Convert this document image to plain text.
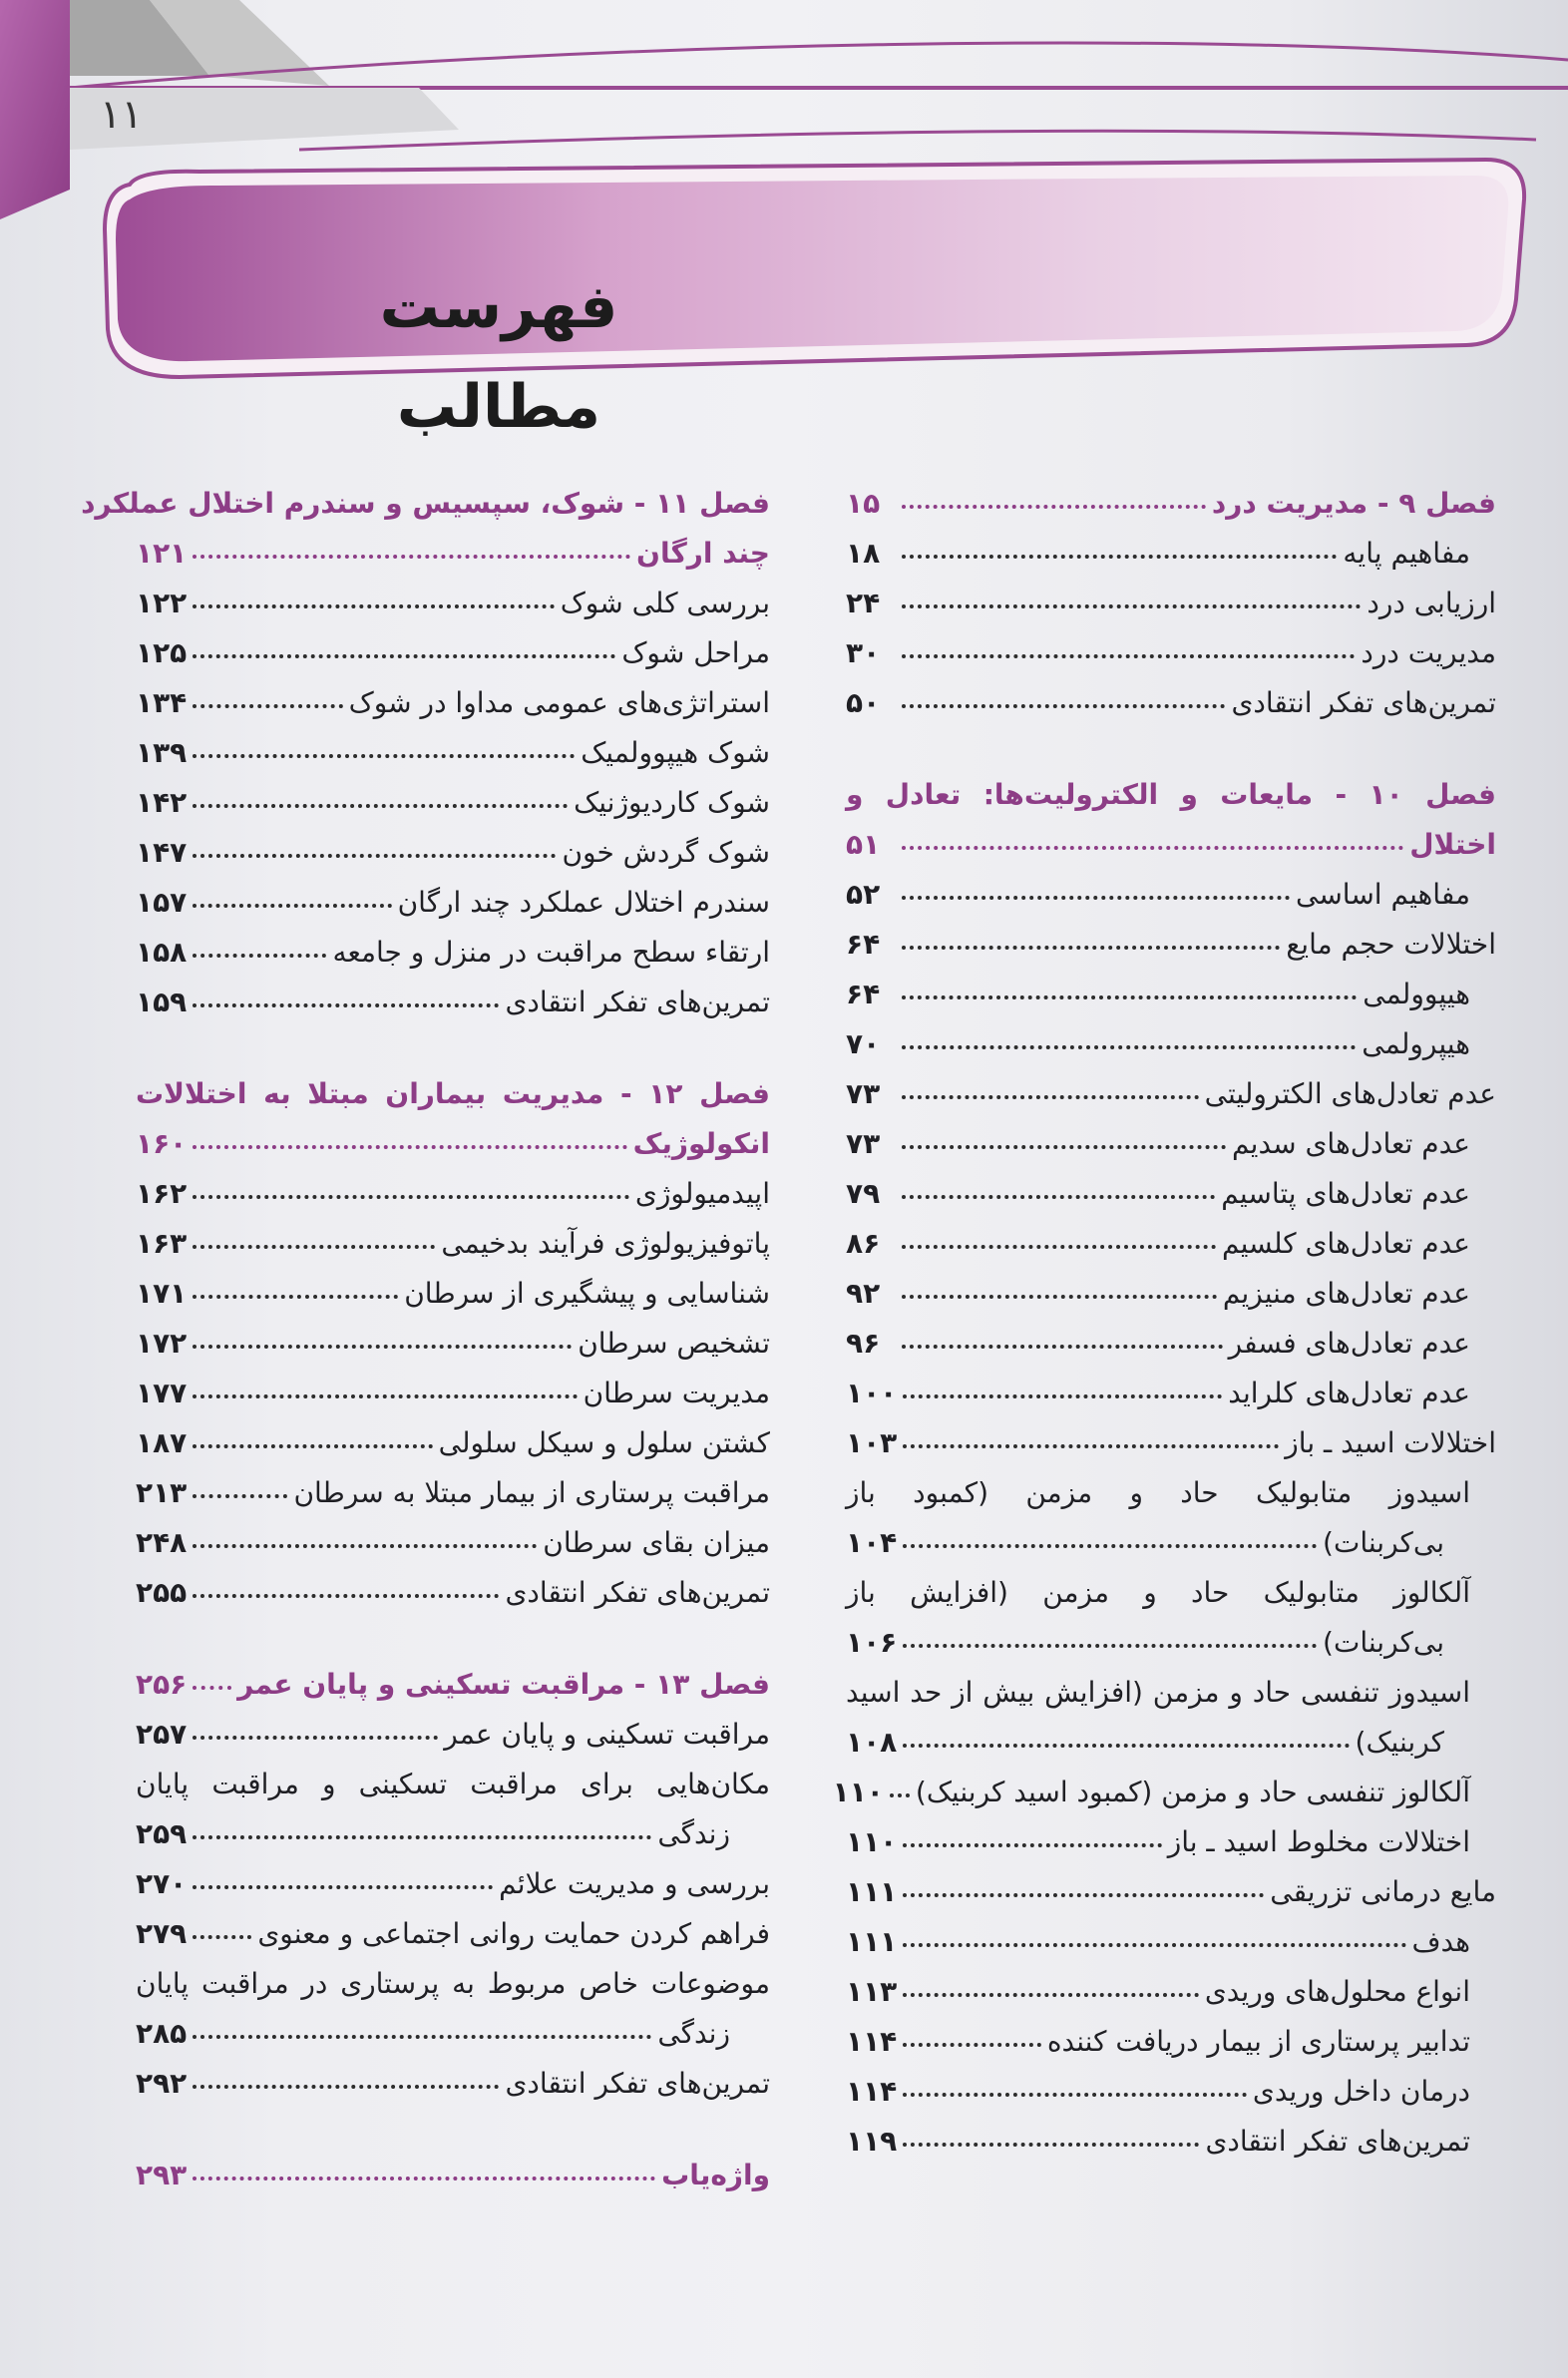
۱۱
فهرست مطالب
فصل ۹ - مدیریت درد
۱۵
مفاهیم پایه
۱۸
ارزیابی درد
۲۴
مدیریت درد
۳۰
تمرین‌های تفکر انتقادی
۵۰
فصل ۱۰ - مایعات و الکترولیت‌ها: تعادل و
اختلال
۵۱
مفاهیم اساسی
۵۲
اختلالات حجم مایع
۶۴
هیپوولمی
۶۴
هیپرولمی
۷۰
عدم تعادل‌های الکترولیتی
۷۳
عدم تعادل‌های سدیم
۷۳
عدم تعادل‌های پتاسیم
۷۹
عدم تعادل‌های کلسیم
۸۶
عدم تعادل‌های منیزیم
۹۲
عدم تعادل‌های فسفر
۹۶
عدم تعادل‌های کلراید
۱۰۰
اختلالات اسید ـ باز
۱۰۳
اسیدوز متابولیک حاد و مزمن (کمبود باز
بی‌کربنات)
۱۰۴
آلکالوز متابولیک حاد و مزمن (افزایش باز
بی‌کربنات)
۱۰۶
اسیدوز تنفسی حاد و مزمن (افزایش بیش از حد اسید
کربنیک)
۱۰۸
آلکالوز تنفسی حاد و مزمن (کمبود اسید کربنیک)
۱۱۰
اختلالات مخلوط اسید ـ باز
۱۱۰
مایع درمانی تزریقی
۱۱۱
هدف
۱۱۱
انواع محلول‌های وریدی
۱۱۳
تدابیر پرستاری از بیمار دریافت کننده
۱۱۴
درمان داخل وریدی
۱۱۴
تمرین‌های تفکر انتقادی
۱۱۹
فصل ۱۱ - شوک، سپسیس و سندرم اختلال عملکرد
چند ارگان
۱۲۱
بررسی کلی شوک
۱۲۲
مراحل شوک
۱۲۵
استراتژی‌های عمومی مداوا در شوک
۱۳۴
شوک هیپوولمیک
۱۳۹
شوک کاردیوژنیک
۱۴۲
شوک گردش خون
۱۴۷
سندرم اختلال عملکرد چند ارگان
۱۵۷
ارتقاء سطح مراقبت در منزل و جامعه
۱۵۸
تمرین‌های تفکر انتقادی
۱۵۹
فصل ۱۲ - مدیریت بیماران مبتلا به اختلالات
انکولوژیک
۱۶۰
اپیدمیولوژی
۱۶۲
پاتوفیزیولوژی فرآیند بدخیمی
۱۶۳
شناسایی و پیشگیری از سرطان
۱۷۱
تشخیص سرطان
۱۷۲
مدیریت سرطان
۱۷۷
کشتن سلول و سیکل سلولی
۱۸۷
مراقبت پرستاری از بیمار مبتلا به سرطان
۲۱۳
میزان بقای سرطان
۲۴۸
تمرین‌های تفکر انتقادی
۲۵۵
فصل ۱۳ - مراقبت تسکینی و پایان عمر
۲۵۶
مراقبت تسکینی و پایان عمر
۲۵۷
مکان‌هایی برای مراقبت تسکینی و مراقبت پایان
زندگی
۲۵۹
بررسی و مدیریت علائم
۲۷۰
فراهم کردن حمایت روانی اجتماعی و معنوی
۲۷۹
موضوعات خاص مربوط به پرستاری در مراقبت پایان
زندگی
۲۸۵
تمرین‌های تفکر انتقادی
۲۹۲
واژه‌یاب
۲۹۳
